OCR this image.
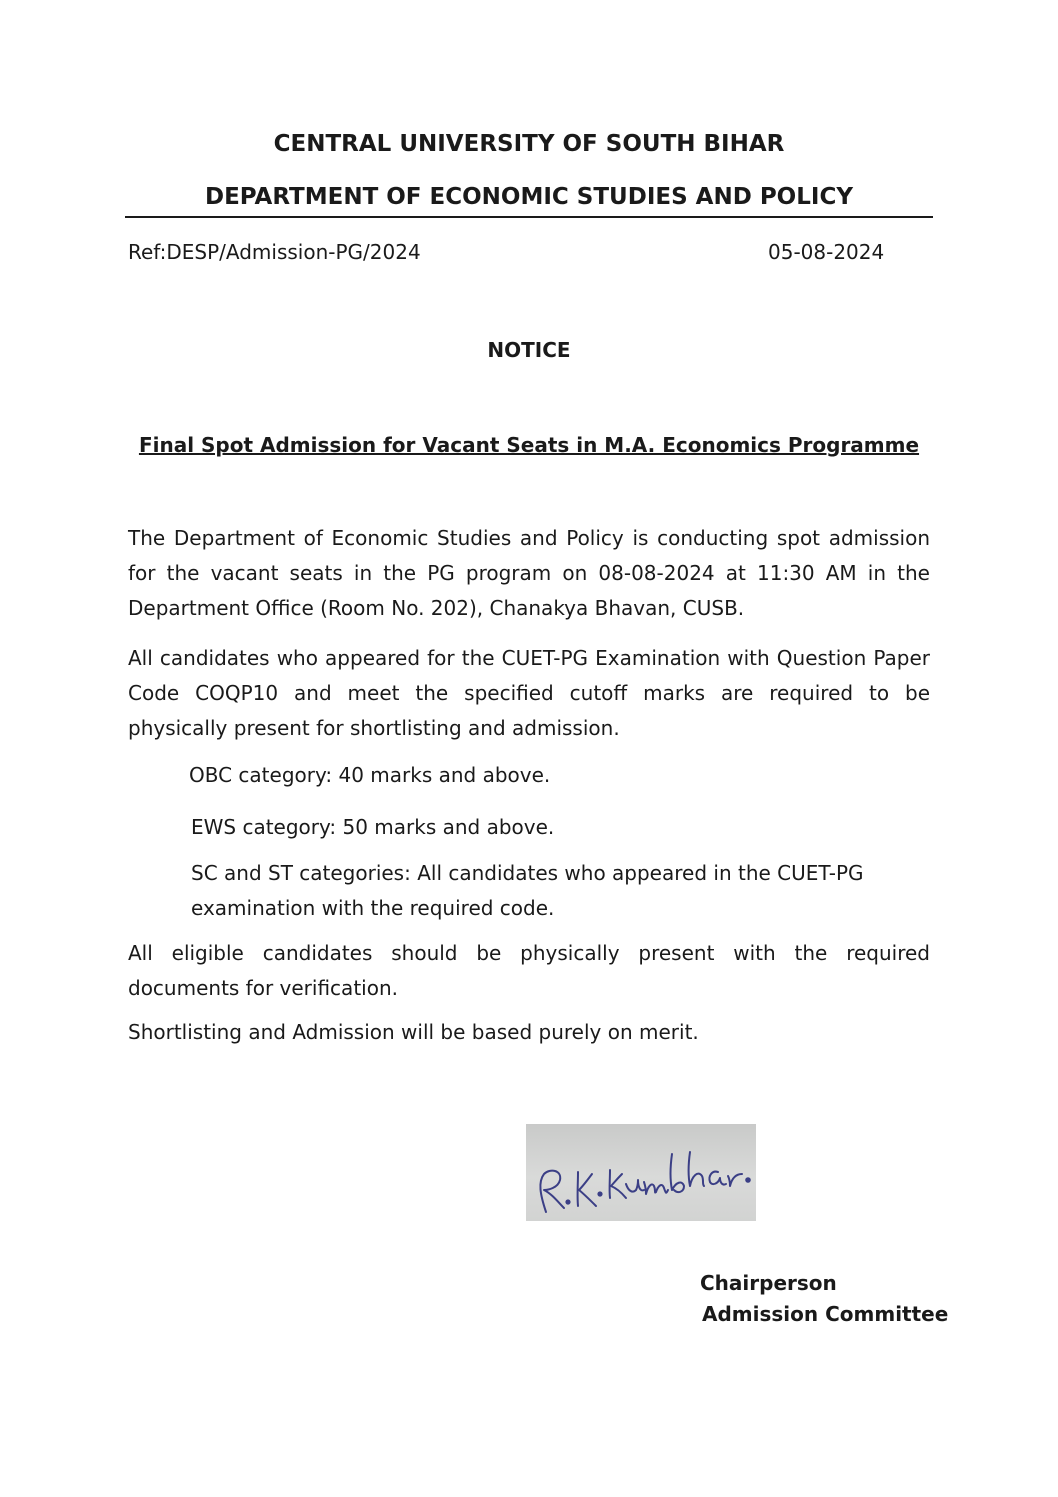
CENTRAL UNIVERSITY OF SOUTH BIHAR
DEPARTMENT OF ECONOMIC STUDIES AND POLICY
Ref:DESP/Admission-PG/2024	05-08-2024
NOTICE
Final Spot Admission for Vacant Seats in M.A. Economics Programme
The Department of Economic Studies and Policy is conducting spot admission for the vacant seats in the PG program on 08-08-2024 at 11:30 AM in the Department Office (Room No. 202), Chanakya Bhavan, CUSB.
All candidates who appeared for the CUET-PG Examination with Question Paper Code COQP10 and meet the specified cutoff marks are required to be physically present for shortlisting and admission.
OBC category: 40 marks and above.
EWS category: 50 marks and above.
SC and ST categories: All candidates who appeared in the CUET-PG examination with the required code.
All eligible candidates should be physically present with the required documents for verification.
Shortlisting and Admission will be based purely on merit.
Chairperson
Admission Committee
